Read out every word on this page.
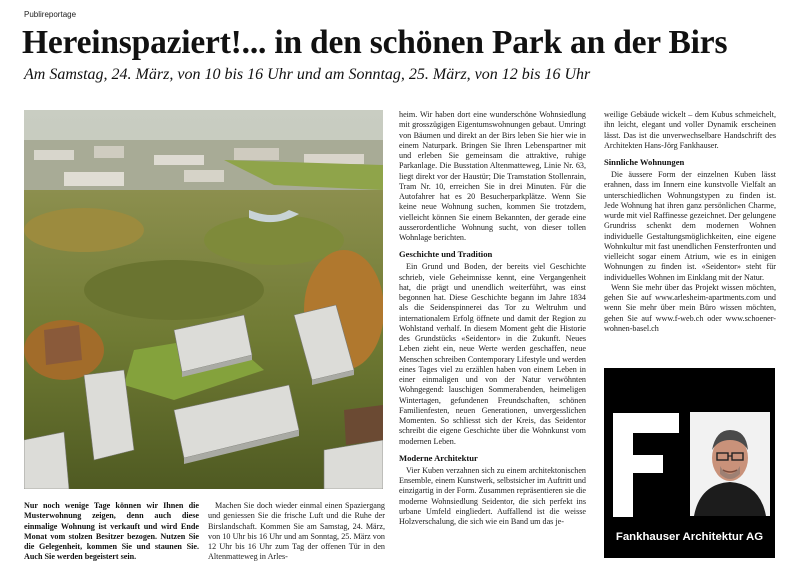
Publireportage
Hereinspaziert!... in den schönen Park an der Birs
Am Samstag, 24. März, von 10 bis 16 Uhr und am Sonntag, 25. März, von 12 bis 16 Uhr
Nur noch wenige Tage können wir Ihnen die Musterwohnung zeigen, denn auch diese einmalige Wohnung ist verkauft und wird Ende Monat vom stolzen Besitzer bezogen. Nutzen Sie die Gelegenheit, kommen Sie und staunen Sie. Auch Sie werden begeistert sein.

Machen Sie doch wieder einmal einen Spaziergang und geniessen Sie die frische Luft und die Ruhe der Birslandschaft. Kommen Sie am Samstag, 24. März, von 10 Uhr bis 16 Uhr und am Sonntag, 25. März von 12 Uhr bis 16 Uhr zum Tag der offenen Tür in den Altenmatteweg in Arles-

heim. Wir haben dort eine wunderschöne Wohnsiedlung mit grosszügigen Eigentumswohnungen gebaut. Umringt von Bäumen und direkt an der Birs leben Sie hier wie in einem Naturpark. Bringen Sie Ihren Lebenspartner mit und erleben Sie gemeinsam die attraktive, ruhige Parkanlage. Die Busstation Altenmatteweg, Linie Nr. 63, liegt direkt vor der Haustür; Die Tramstation Stollenrain, Tram Nr. 10, erreichen Sie in drei Minuten. Für die Autofahrer hat es 20 Besucherparkplätze. Wenn Sie keine neue Wohnung suchen, kommen Sie trotzdem, vielleicht können Sie einem Bekannten, der gerade eine ausserordentliche Wohnung sucht, von dieser tollen Wohnlage berichten.

Geschichte und Tradition

Ein Grund und Boden, der bereits viel Geschichte schrieb, viele Geheimnisse kennt, eine Vergangenheit hat, die prägt und unendlich weiterführt, was einst begonnen hat. Diese Geschichte begann im Jahre 1834 als die Seidenspinnerei das Tor zu Weltruhm und internationalem Erfolg öffnete und damit der Region zu Wohlstand verhalf. In diesem Moment geht die Historie des Grundstücks «Seidentor» in die Zukunft. Neues Leben zieht ein, neue Werte werden geschaffen, neue Menschen schreiben Contemporary Lifestyle und werden eines Tages viel zu erzählen haben von einem Leben in einer einmaligen und von der Natur verwöhnten Wohngegend: lauschigen Sommerabenden, heimeligen Wintertagen, gefundenen Freundschaften, schönen Familienfesten, neuen Generationen, unvergesslichen Momenten. So schliesst sich der Kreis, das Seidentor schreibt die eigene Geschichte über die Wohnkunst vom modernen Leben.

Moderne Architektur

Vier Kuben verzahnen sich zu einem architektonischen Ensemble, einem Kunstwerk, selbstsicher im Auftritt und einzigartig in der Form. Zusammen repräsentieren sie die moderne Wohnsiedlung Seidentor, die sich perfekt ins urbane Umfeld eingliedert. Auffallend ist die weisse Holzverschalung, die sich wie ein Band um das je-

weilige Gebäude wickelt – dem Kubus schmeichelt, ihn leicht, elegant und voller Dynamik erscheinen lässt. Das ist die unverwechselbare Handschrift des Architekten Hans-Jörg Fankhauser.

Sinnliche Wohnungen

Die äussere Form der einzelnen Kuben lässt erahnen, dass im Innern eine kunstvolle Vielfalt an unterschiedlichen Wohnungstypen zu finden ist. Jede Wohnung hat ihren ganz persönlichen Charme, wurde mit viel Raffinesse gezeichnet. Der gelungene Grundriss schenkt dem modernen Wohnen individuelle Gestaltungsmöglichkeiten, eine eigene Wohnkultur mit fast unendlichen Fensterfronten und vielleicht sogar einem Atrium, wie es in einigen Wohnungen zu finden ist. «Seidentor» steht für individuelles Wohnen im Einklang mit der Natur.

Wenn Sie mehr über das Projekt wissen möchten, gehen Sie auf www.arlesheim-apartments.com und wenn Sie mehr über mein Büro wissen möchten, gehen Sie auf www.f-web.ch oder www.schoener-wohnen-basel.ch

Fankhauser Architektur AG
